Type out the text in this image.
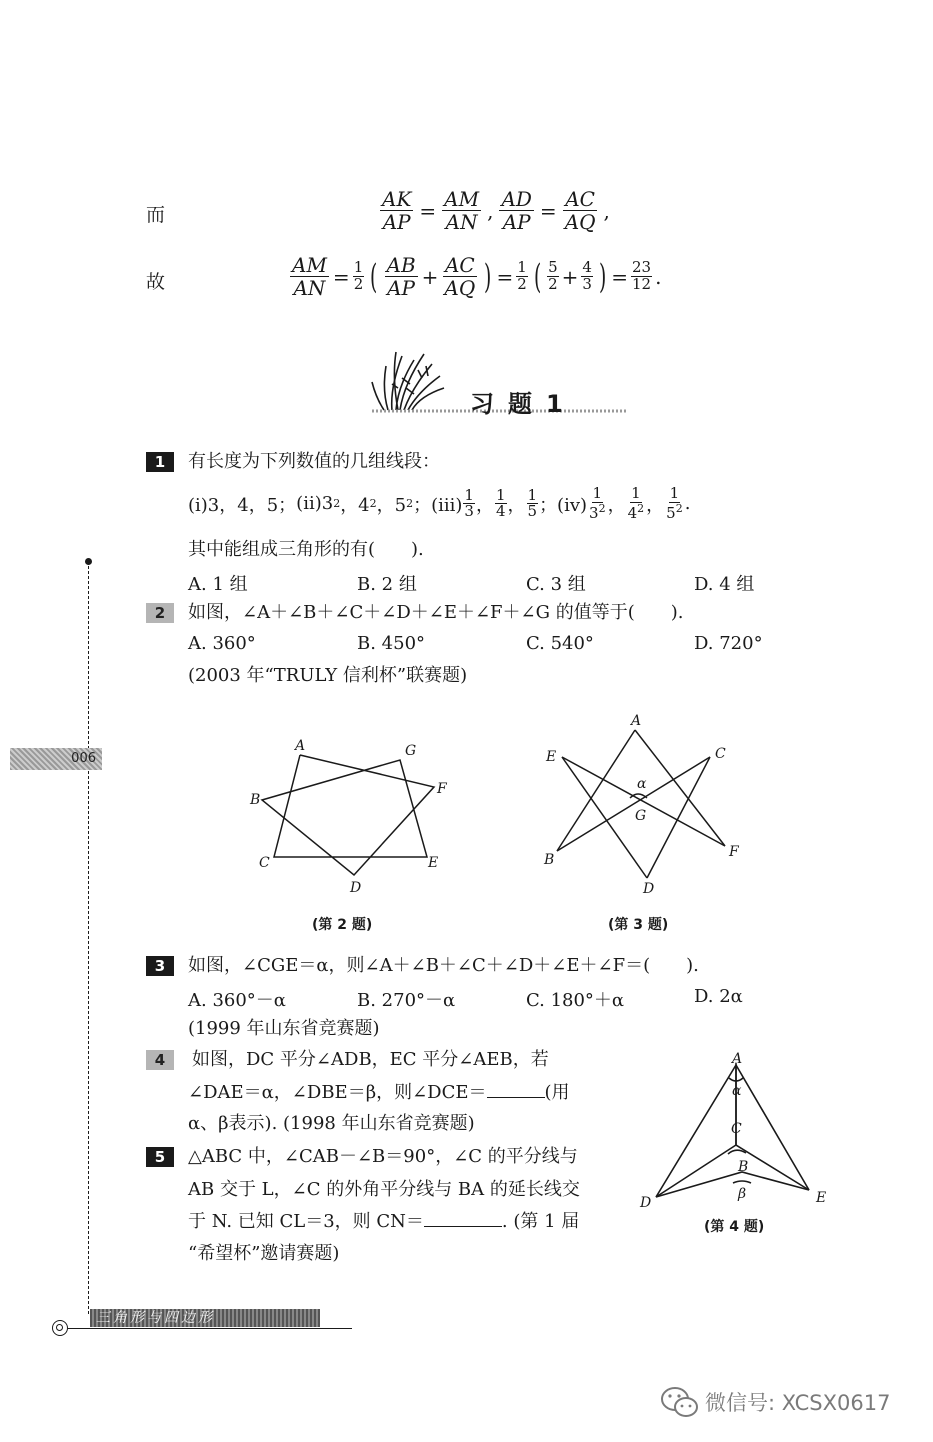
而	$\frac{AK}{AP} = \frac{AM}{AN}$ , $\frac{AD}{AP} = \frac{AC}{AQ}$ ,
故	$\frac{AM}{AN} = \frac{1}{2}$ ( $\frac{AB}{AP} + \frac{AC}{AQ}$ ) = $\frac{1}{2}$ ( $\frac{5}{2} + \frac{4}{3}$ ) = $\frac{23}{12}$ .
习题1
1	有长度为下列数值的几组线段：
(i)3，4，5； (ii)3 2 ，4 2 ，5 2 ；$(iii) \frac{1}{3}$ ， $\frac{1}{4}$ ， $\frac{1}{5}$ ；$(iv) \frac{1}{3^2}$ ， $\frac{1}{4^2}$ ， $\frac{1}{5^2}$ .
其中能组成三角形的有(　　).
A. 1 组	B. 2 组	C. 3 组	D. 4 组
2	如图，∠A＋∠B＋∠C＋∠D＋∠E＋∠F＋∠G 的值等于(　　).
A. 360°	B. 450°	C. 540°	D. 720°
(2003 年“TRULY 信利杯”联赛题)
A
B
C
D
E
F
G
(第 2 题)
A
B
C
D
E
F
G
α
(第 3 题)
3	如图，∠CGE＝α，则∠A＋∠B＋∠C＋∠D＋∠E＋∠F＝(　　).
A. 360°－α	B. 270°－α	C. 180°＋α	D. 2α
(1999 年山东省竞赛题)
4	如图，DC 平分∠ADB，EC 平分∠AEB，若
∠DAE＝α，∠DBE＝β，则∠DCE＝	(用
α、β表示). (1998 年山东省竞赛题)
A
C
B
D	E
α
β
(第 4 题)
5	△ABC 中，∠CAB－∠B＝90°，∠C 的平分线与
AB 交于 L，∠C 的外角平分线与 BA 的延长线交
于 N. 已知 CL＝3，则 CN＝	. (第 1 届
“希望杯”邀请赛题)
006
三角形与四边形
微信号: XCSX0617
